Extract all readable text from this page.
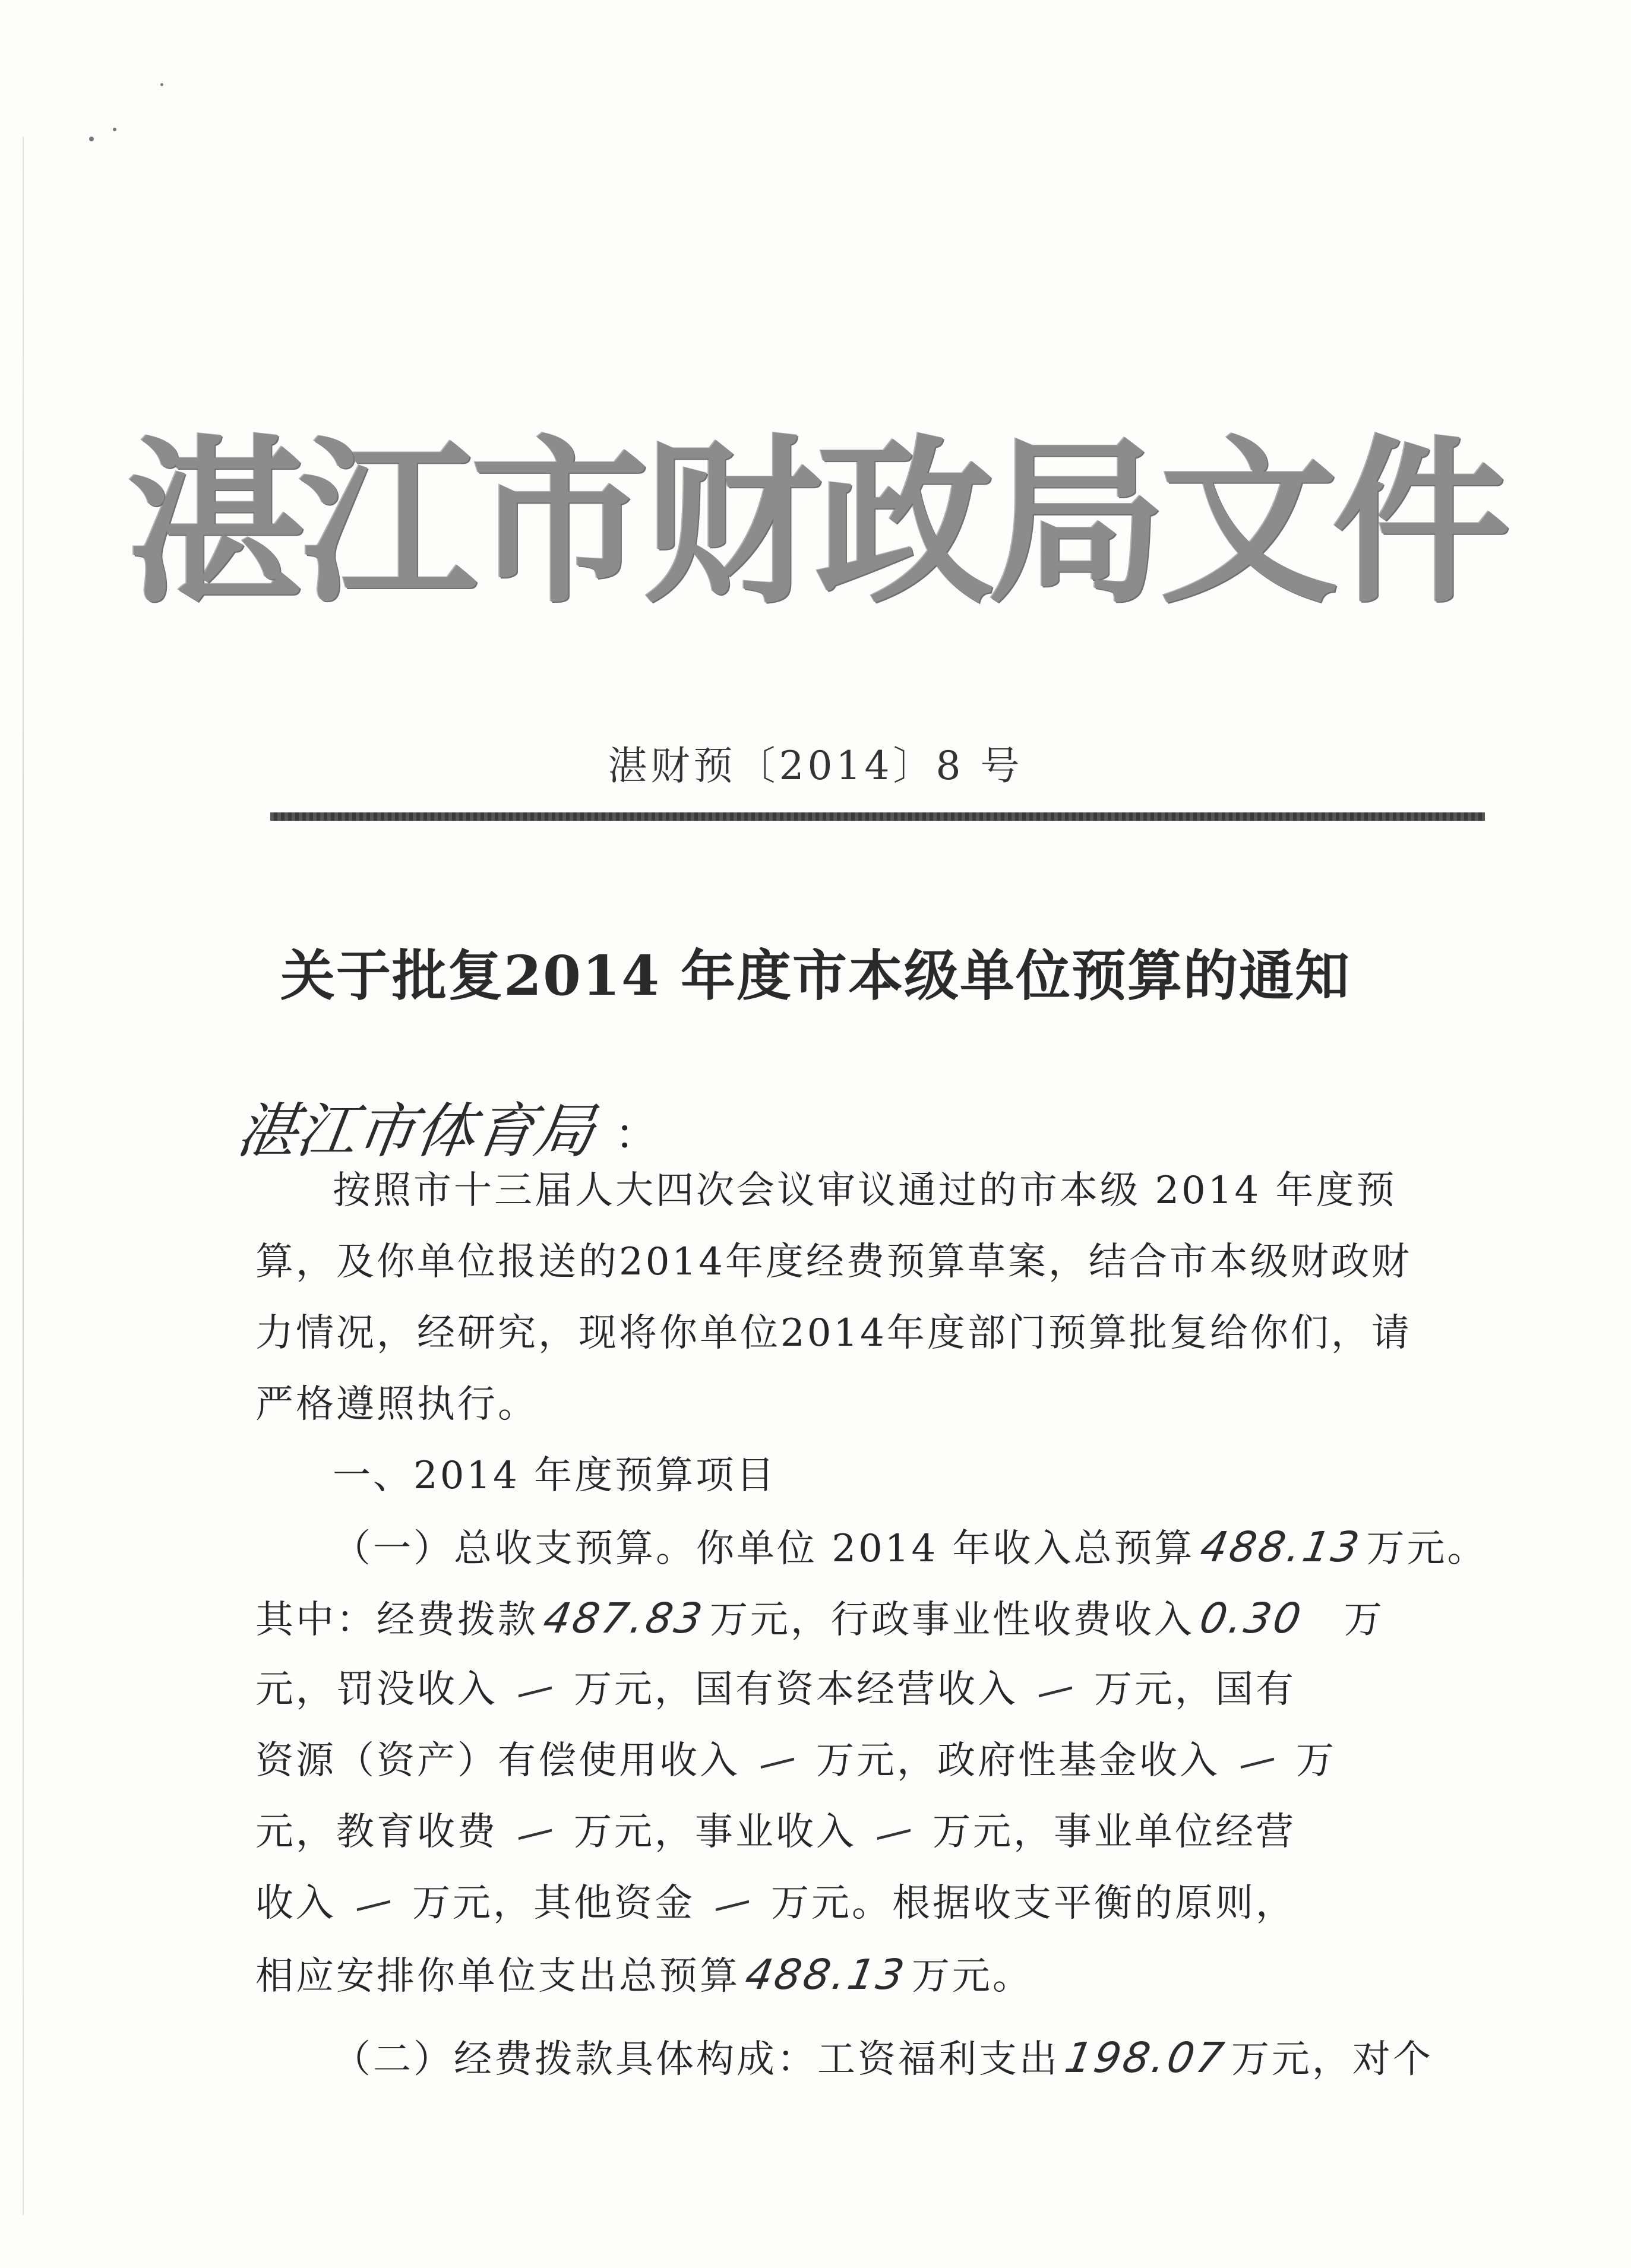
湛江市财政局文件
湛财预〔2014〕8 号
关于批复2014 年度市本级单位预算的通知
湛江市体育局 ：
按照市十三届人大四次会议审议通过的市本级 2014 年度预
算，及你单位报送的2014年度经费预算草案，结合市本级财政财
力情况，经研究，现将你单位2014年度部门预算批复给你们，请
严格遵照执行。
一、2014 年度预算项目
（一）总收支预算。你单位 2014 年收入总预算488.13万元。
其中：经费拨款487.83万元，行政事业性收费收入0.30 万
元，罚没收入 — 万元，国有资本经营收入 — 万元，国有
资源（资产）有偿使用收入 — 万元，政府性基金收入 — 万
元，教育收费 — 万元，事业收入 — 万元，事业单位经营
收入 — 万元，其他资金 — 万元。根据收支平衡的原则，
相应安排你单位支出总预算488.13万元。
（二）经费拨款具体构成：工资福利支出198.07万元，对个
